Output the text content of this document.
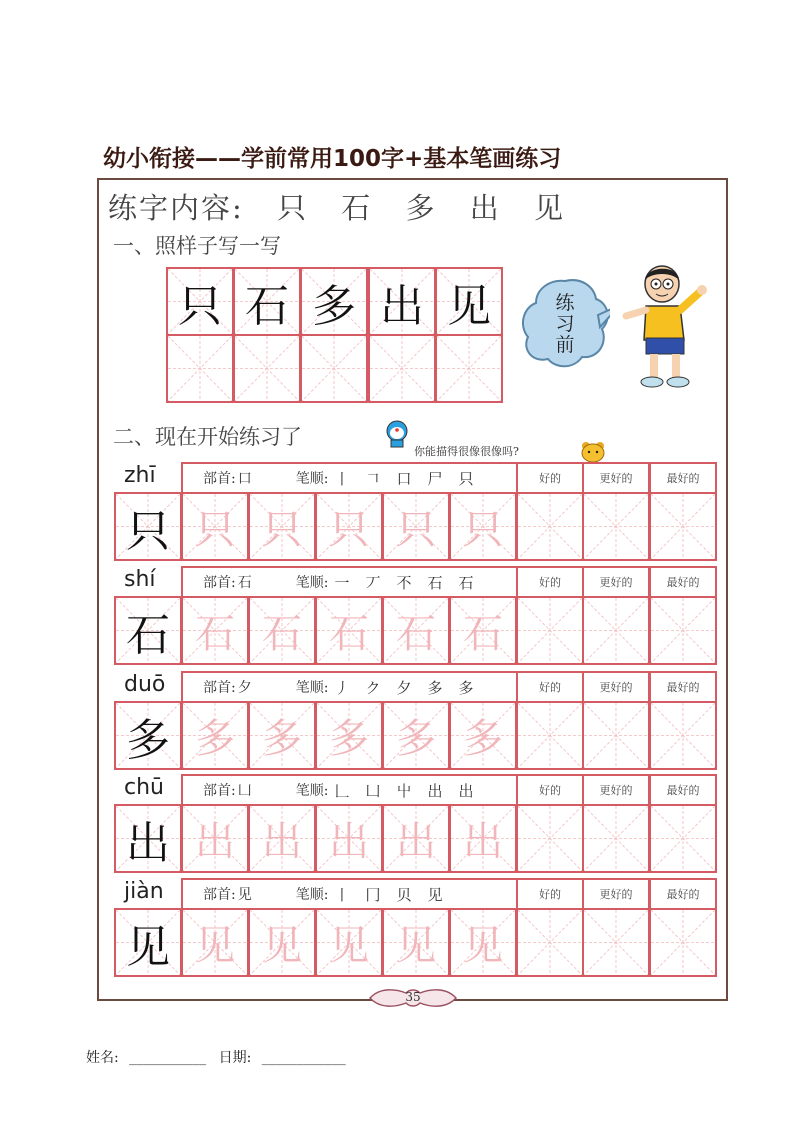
幼小衔接——学前常用100字+基本笔画练习
练字内容: 只 石 多 出 见
一、照样子写一写
只 石 多 出 见	练
习
前
二、现在开始练习了
你能描得很像很像吗?
zhī	部首: 口	笔顺: 丨 𠃍 口 尸 只	好的	更好的	最好的
只 只 只 只 只 只
shí	部首: 石	笔顺: 一 丆 不 石 石	好的	更好的	最好的
石 石 石 石 石 石
duō	部首: 夕	笔顺: 丿 ク 夕 多 多	好的	更好的	最好的
多 多 多 多 多 多
chū	部首: 凵	笔顺: 𠃊 凵 屮 出 出	好的	更好的	最好的
出 出 出 出 出 出
jiàn	部首: 见	笔顺: 丨 冂 贝 见	好的	更好的	最好的
见 见 见 见 见 见
35
姓名: ___________ 日期: ____________
